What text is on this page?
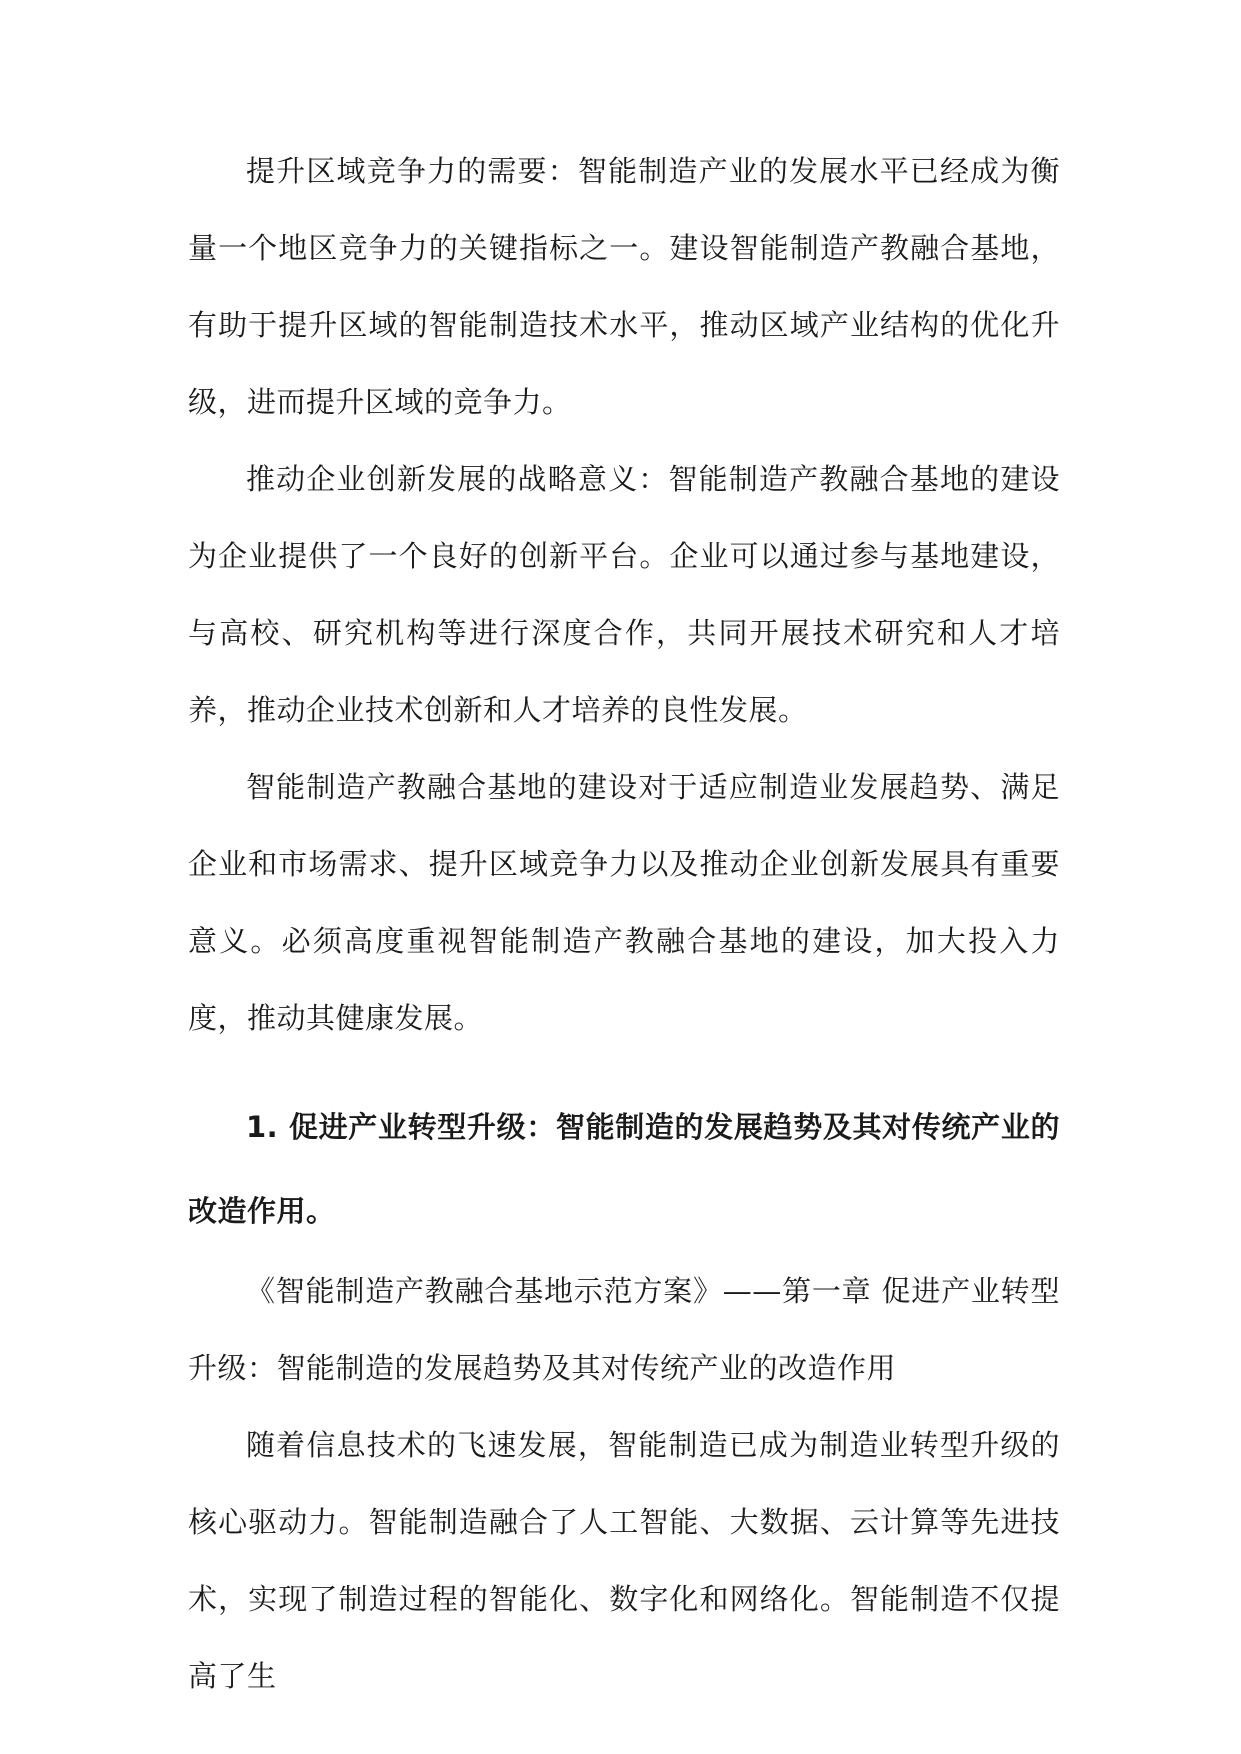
提升区域竞争力的需要：智能制造产业的发展水平已经成为衡量一个地区竞争力的关键指标之一。建设智能制造产教融合基地，有助于提升区域的智能制造技术水平，推动区域产业结构的优化升级，进而提升区域的竞争力。

推动企业创新发展的战略意义：智能制造产教融合基地的建设为企业提供了一个良好的创新平台。企业可以通过参与基地建设，与高校、研究机构等进行深度合作，共同开展技术研究和人才培养，推动企业技术创新和人才培养的良性发展。

智能制造产教融合基地的建设对于适应制造业发展趋势、满足企业和市场需求、提升区域竞争力以及推动企业创新发展具有重要意义。必须高度重视智能制造产教融合基地的建设，加大投入力度，推动其健康发展。

1. 促进产业转型升级：智能制造的发展趋势及其对传统产业的改造作用。

《智能制造产教融合基地示范方案》——第一章 促进产业转型升级：智能制造的发展趋势及其对传统产业的改造作用

随着信息技术的飞速发展，智能制造已成为制造业转型升级的核心驱动力。智能制造融合了人工智能、大数据、云计算等先进技术，实现了制造过程的智能化、数字化和网络化。智能制造不仅提高了生
